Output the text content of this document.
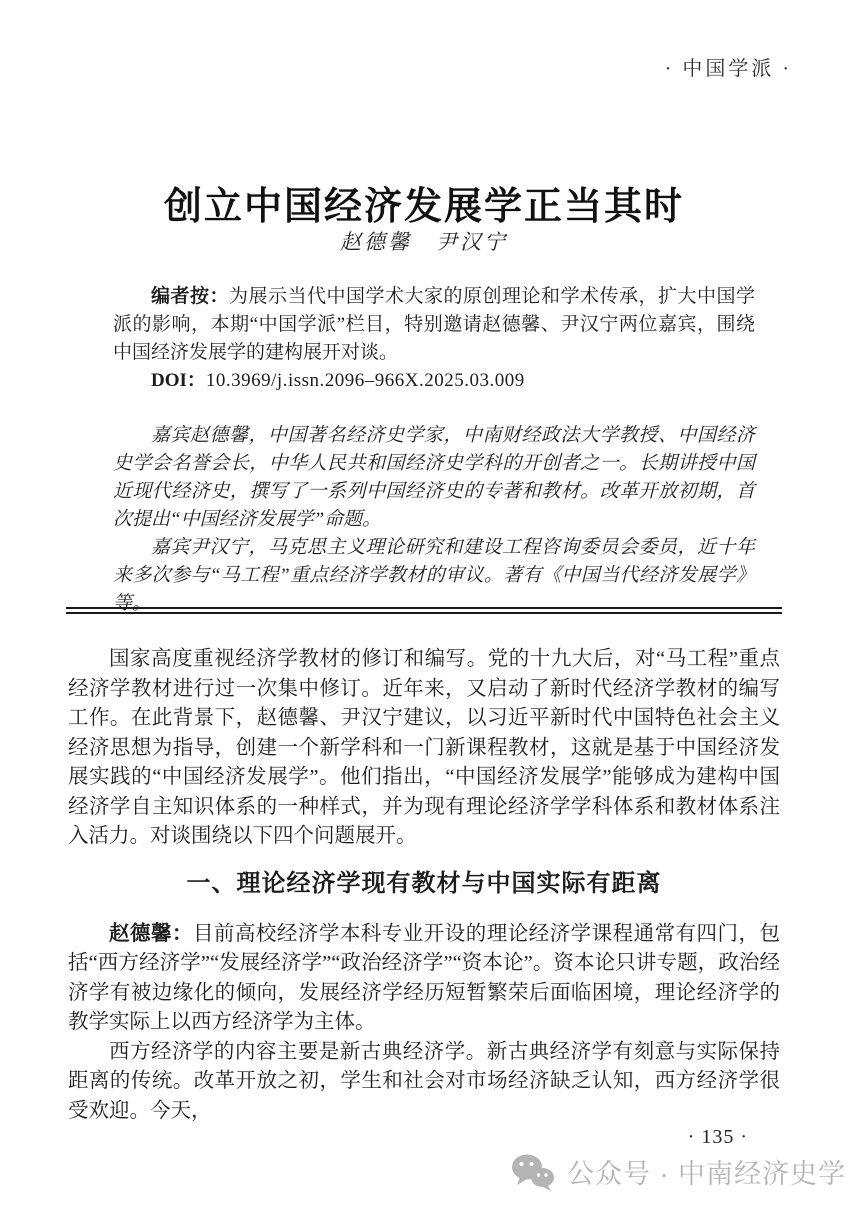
· 中国学派 ·
创立中国经济发展学正当其时
赵德馨　尹汉宁

编者按：为展示当代中国学术大家的原创理论和学术传承，扩大中国学派的影响，本期“中国学派”栏目，特别邀请赵德馨、尹汉宁两位嘉宾，围绕中国经济发展学的建构展开对谈。

DOI：10.3969/j.issn.2096–966X.2025.03.009

嘉宾赵德馨，中国著名经济史学家，中南财经政法大学教授、中国经济史学会名誉会长，中华人民共和国经济史学科的开创者之一。长期讲授中国近现代经济史，撰写了一系列中国经济史的专著和教材。改革开放初期，首次提出“中国经济发展学”命题。

嘉宾尹汉宁，马克思主义理论研究和建设工程咨询委员会委员，近十年来多次参与“马工程”重点经济学教材的审议。著有《中国当代经济发展学》等。

国家高度重视经济学教材的修订和编写。党的十九大后，对“马工程”重点经济学教材进行过一次集中修订。近年来，又启动了新时代经济学教材的编写工作。在此背景下，赵德馨、尹汉宁建议，以习近平新时代中国特色社会主义经济思想为指导，创建一个新学科和一门新课程教材，这就是基于中国经济发展实践的“中国经济发展学”。他们指出，“中国经济发展学”能够成为建构中国经济学自主知识体系的一种样式，并为现有理论经济学学科体系和教材体系注入活力。对谈围绕以下四个问题展开。

一、理论经济学现有教材与中国实际有距离

赵德馨：目前高校经济学本科专业开设的理论经济学课程通常有四门，包括“西方经济学”“发展经济学”“政治经济学”“资本论”。资本论只讲专题，政治经济学有被边缘化的倾向，发展经济学经历短暂繁荣后面临困境，理论经济学的教学实际上以西方经济学为主体。

西方经济学的内容主要是新古典经济学。新古典经济学有刻意与实际保持距离的传统。改革开放之初，学生和社会对市场经济缺乏认知，西方经济学很受欢迎。今天，

· 135 ·
公众号 · 中南经济史学
